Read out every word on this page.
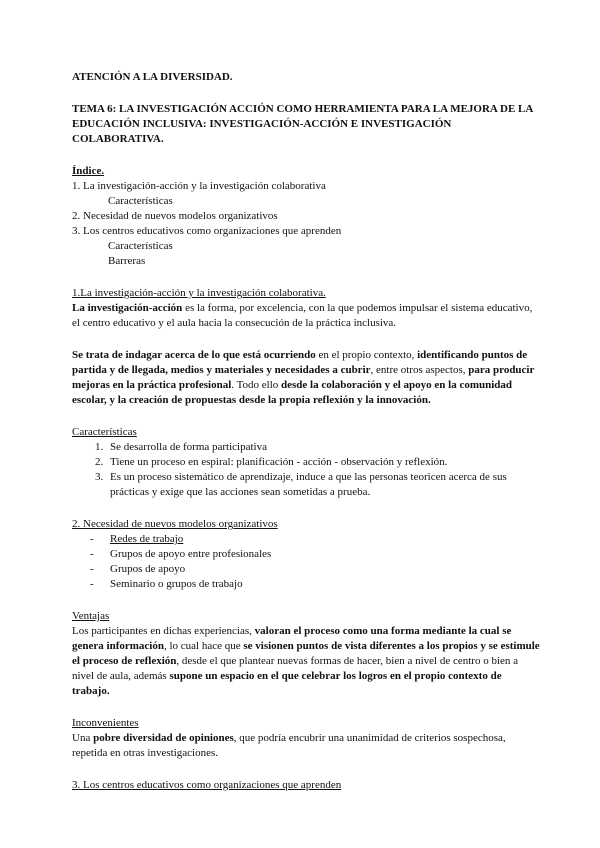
ATENCIÓN A LA DIVERSIDAD.

TEMA 6: LA INVESTIGACIÓN ACCIÓN COMO HERRAMIENTA PARA LA MEJORA DE LA EDUCACIÓN INCLUSIVA: INVESTIGACIÓN-ACCIÓN E INVESTIGACIÓN COLABORATIVA.

Índice.

1. La investigación-acción y la investigación colaborativa

Características

2. Necesidad de nuevos modelos organizativos

3. Los centros educativos como organizaciones que aprenden

Características

Barreras

1.La investigación-acción y la investigación colaborativa.

La investigación-acción es la forma, por excelencia, con la que podemos impulsar el sistema educativo, el centro educativo y el aula hacia la consecución de la práctica inclusiva.

Se trata de indagar acerca de lo que está ocurriendo en el propio contexto, identificando puntos de partida y de llegada, medios y materiales y necesidades a cubrir, entre otros aspectos, para producir mejoras en la práctica profesional. Todo ello desde la colaboración y el apoyo en la comunidad escolar, y la creación de propuestas desde la propia reflexión y la innovación.

Características

1. Se desarrolla de forma participativa
2. Tiene un proceso en espiral: planificación - acción - observación y reflexión.
3. Es un proceso sistemático de aprendizaje, induce a que las personas teoricen acerca de sus prácticas y exige que las acciones sean sometidas a prueba.

2. Necesidad de nuevos modelos organizativos

- Redes de trabajo
- Grupos de apoyo entre profesionales
- Grupos de apoyo
- Seminario o grupos de trabajo

Ventajas

Los participantes en dichas experiencias, valoran el proceso como una forma mediante la cual se genera información, lo cual hace que se visionen puntos de vista diferentes a los propios y se estimule el proceso de reflexión, desde el que plantear nuevas formas de hacer, bien a nivel de centro o bien a nivel de aula, además supone un espacio en el que celebrar los logros en el propio contexto de trabajo.

Inconvenientes

Una pobre diversidad de opiniones, que podría encubrir una unanimidad de criterios sospechosa, repetida en otras investigaciones.

3. Los centros educativos como organizaciones que aprenden
